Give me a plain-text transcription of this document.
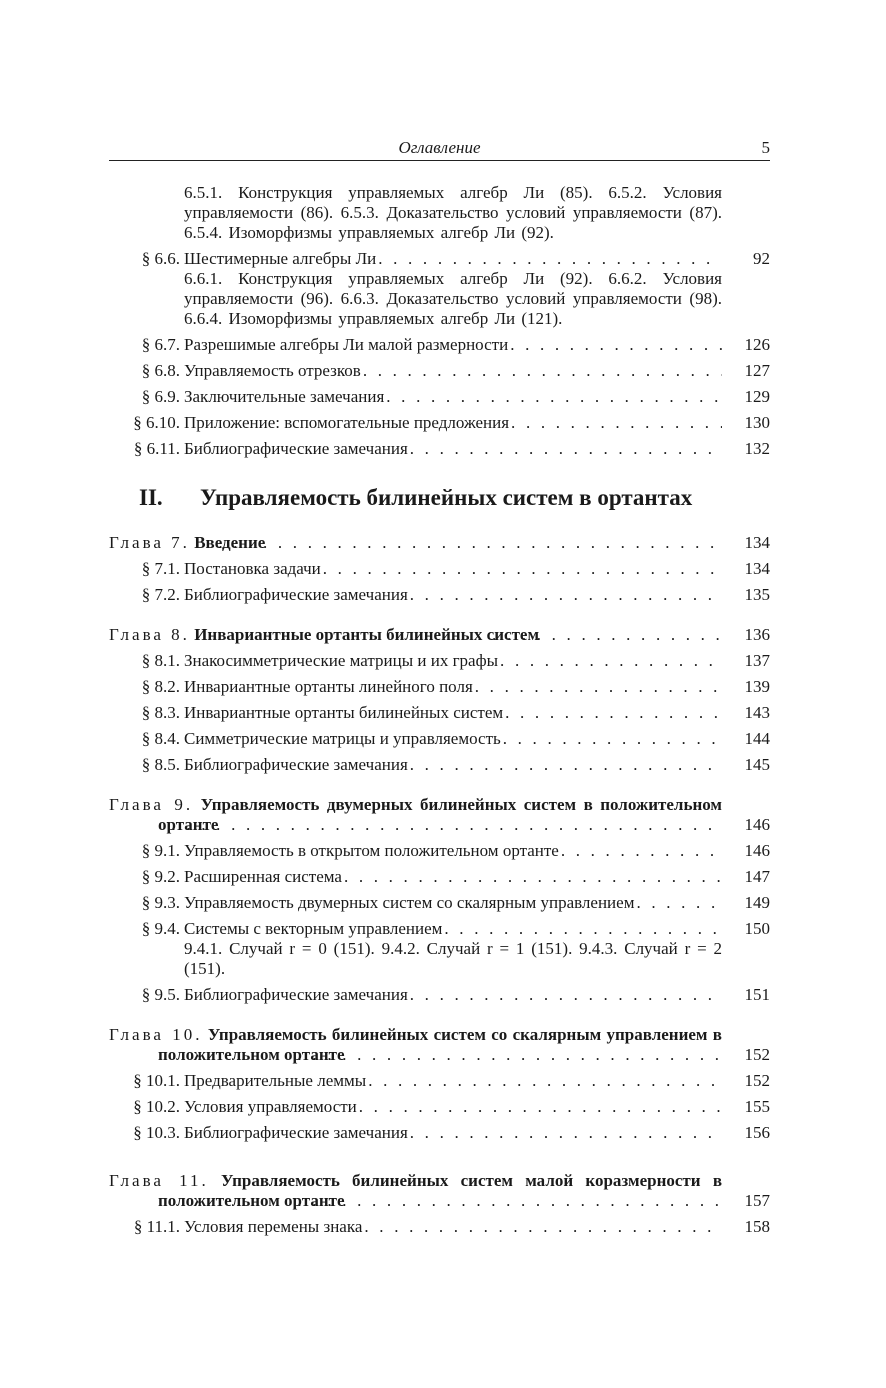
Оглавление	5
6.5.1. Конструкция управляемых алгебр Ли (85). 6.5.2. Условия управляемости (86). 6.5.3. Доказательство условий управляемости (87). 6.5.4. Изоморфизмы управляемых алгебр Ли (92).
§ 6.6. Шестимерные алгебры Ли	92
6.6.1. Конструкция управляемых алгебр Ли (92). 6.6.2. Условия управляемости (96). 6.6.3. Доказательство условий управляемости (98). 6.6.4. Изоморфизмы управляемых алгебр Ли (121).
§ 6.7. Разрешимые алгебры Ли малой размерности	126
§ 6.8. Управляемость отрезков	127
§ 6.9. Заключительные замечания	129
§ 6.10. Приложение: вспомогательные предложения	130
§ 6.11. Библиографические замечания	132
II. Управляемость билинейных систем в ортантах
Глава 7. Введение	134
§ 7.1. Постановка задачи	134
§ 7.2. Библиографические замечания	135
Глава 8. Инвариантные ортанты билинейных систем	136
§ 8.1. Знакосимметрические матрицы и их графы	137
§ 8.2. Инвариантные ортанты линейного поля	139
§ 8.3. Инвариантные ортанты билинейных систем	143
§ 8.4. Симметрические матрицы и управляемость	144
§ 8.5. Библиографические замечания	145
Глава 9. Управляемость двумерных билинейных систем в положительном ортанте	146
§ 9.1. Управляемость в открытом положительном ортанте	146
§ 9.2. Расширенная система	147
§ 9.3. Управляемость двумерных систем со скалярным управлением	149
§ 9.4. Системы с векторным управлением	150
9.4.1. Случай r = 0 (151). 9.4.2. Случай r = 1 (151). 9.4.3. Случай r = 2 (151).
§ 9.5. Библиографические замечания	151
Глава 10. Управляемость билинейных систем со скалярным управлением в положительном ортанте	152
§ 10.1. Предварительные леммы	152
§ 10.2. Условия управляемости	155
§ 10.3. Библиографические замечания	156
Глава 11. Управляемость билинейных систем малой коразмерности в положительном ортанте	157
§ 11.1. Условия перемены знака	158
